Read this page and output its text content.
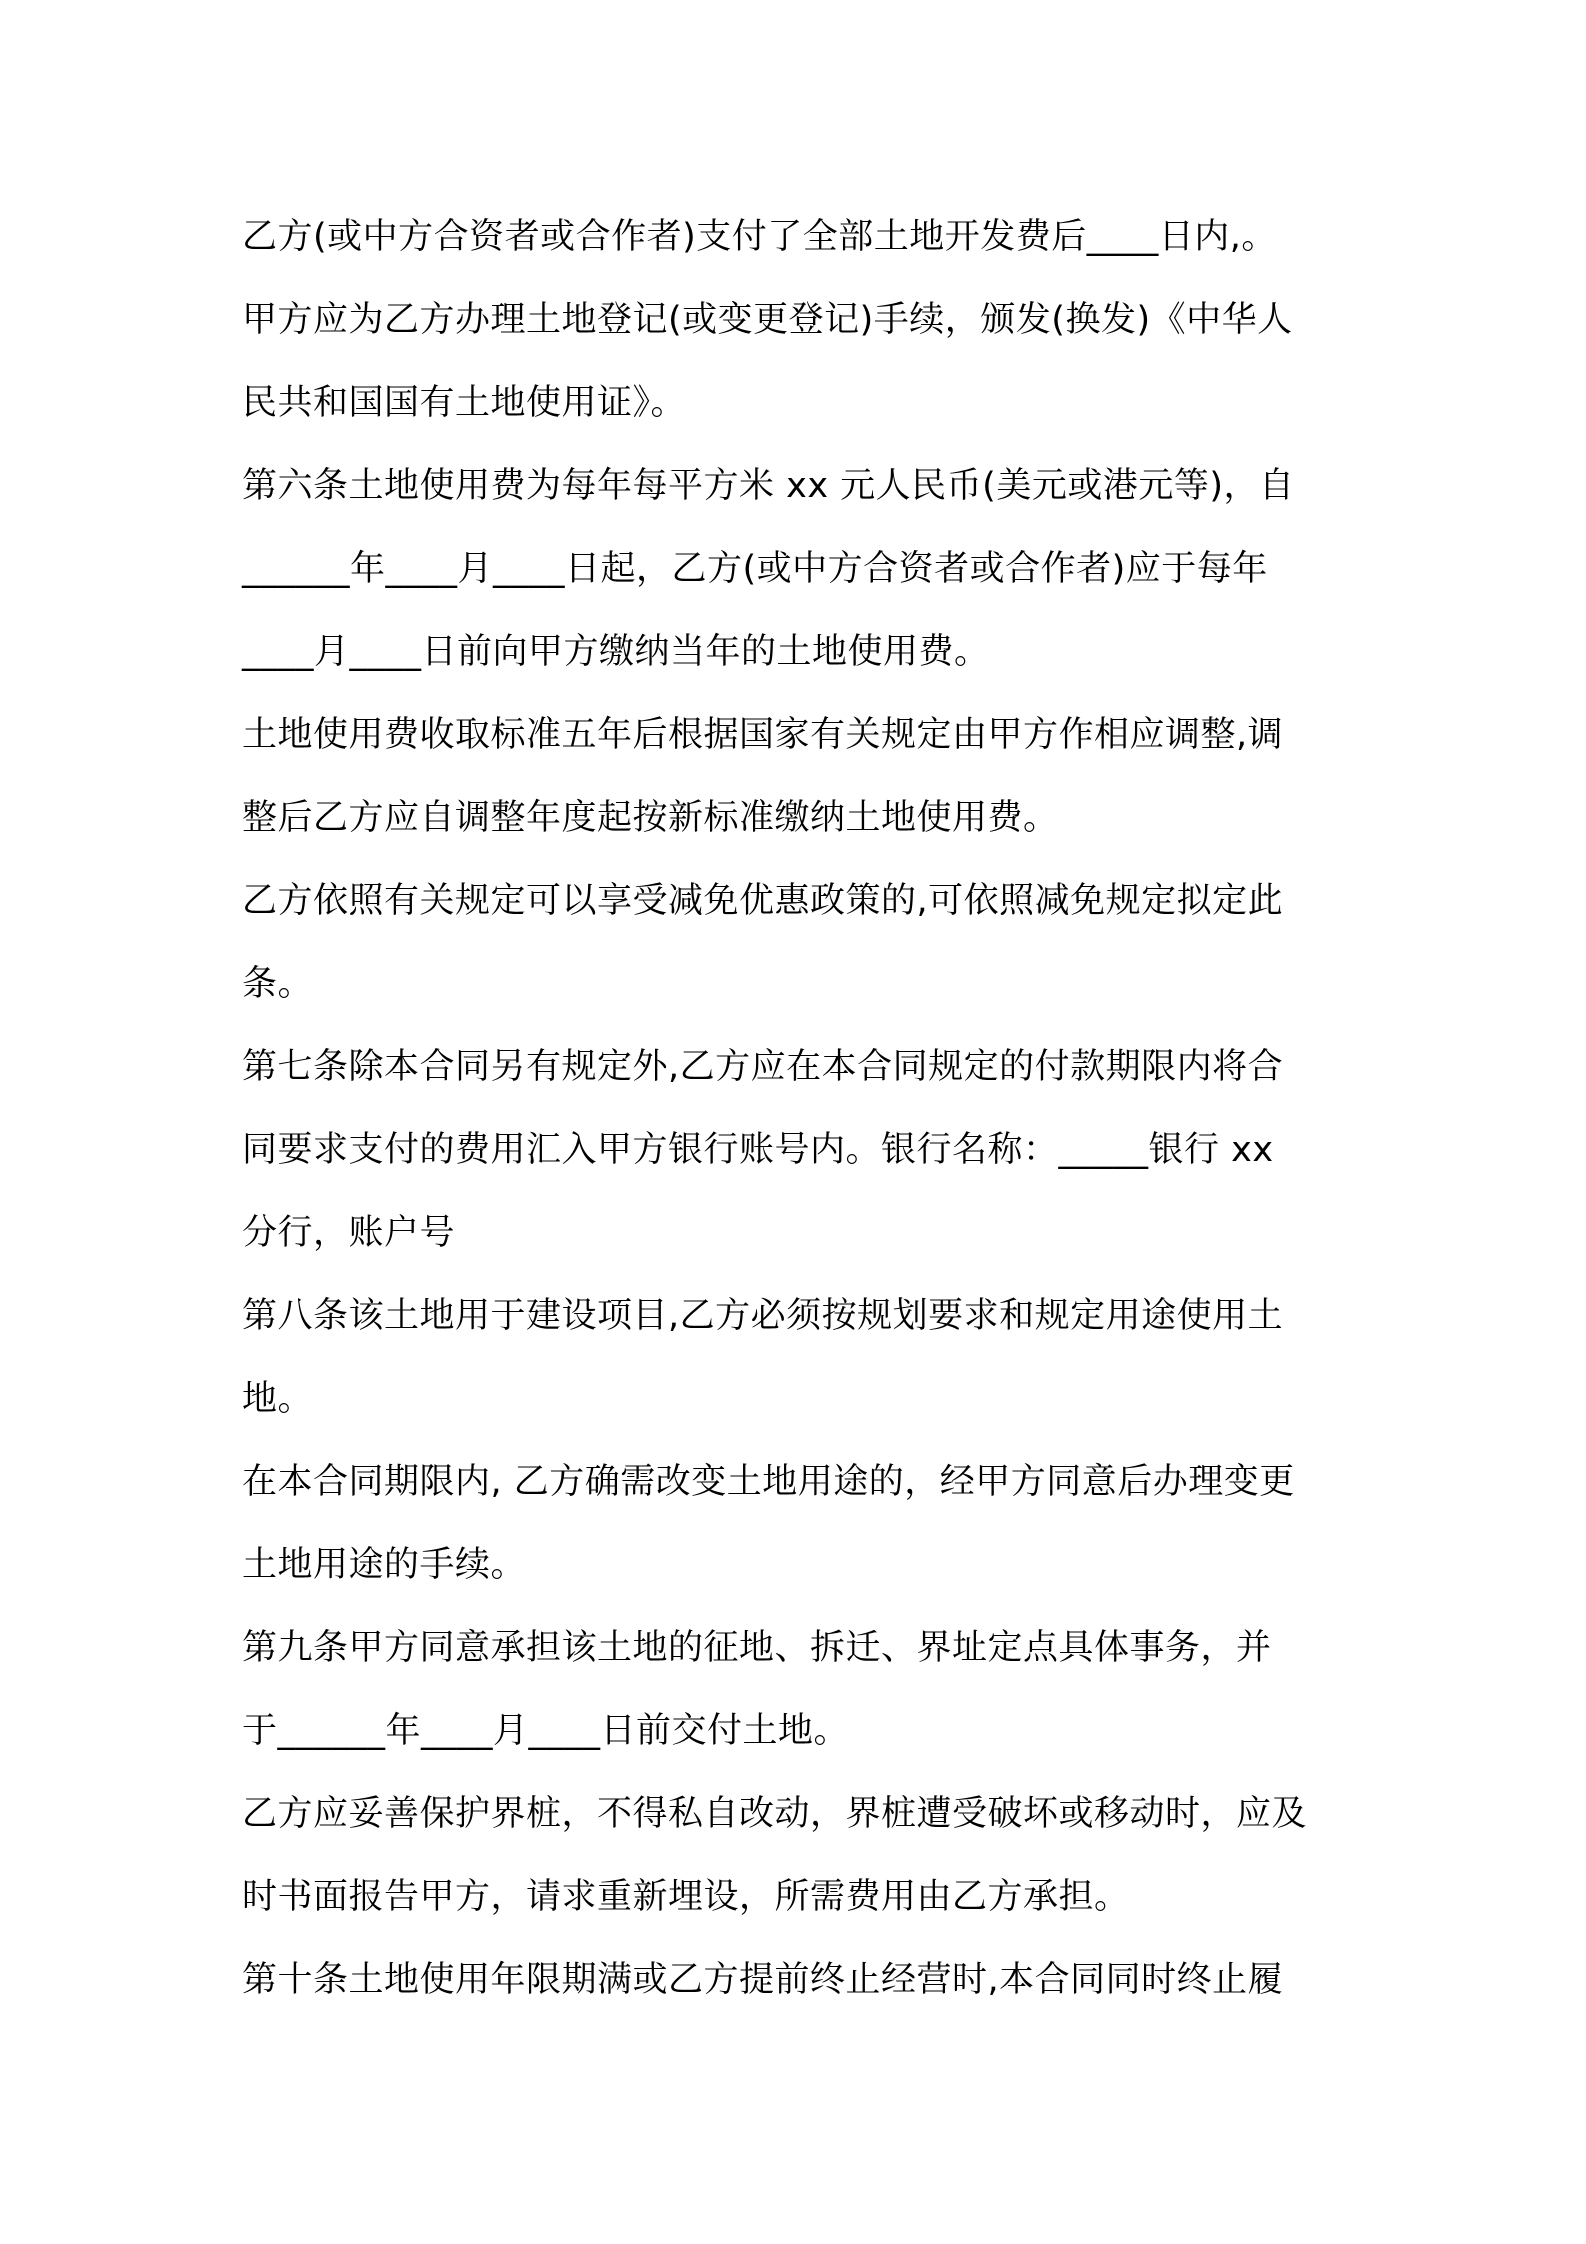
乙方(或中方合资者或合作者)支付了全部土地开发费后____日内,。
甲方应为乙方办理土地登记(或变更登记)手续，颁发(换发)《中华人
民共和国国有土地使用证》。
第六条土地使用费为每年每平方米 xx 元人民币(美元或港元等)，自
______年____月____日起，乙方(或中方合资者或合作者)应于每年
____月____日前向甲方缴纳当年的土地使用费。
土地使用费收取标准五年后根据国家有关规定由甲方作相应调整,调
整后乙方应自调整年度起按新标准缴纳土地使用费。
乙方依照有关规定可以享受减免优惠政策的,可依照减免规定拟定此
条。
第七条除本合同另有规定外,乙方应在本合同规定的付款期限内将合
同要求支付的费用汇入甲方银行账号内。银行名称：_____银行 xx
分行，账户号
第八条该土地用于建设项目,乙方必须按规划要求和规定用途使用土
地。
在本合同期限内, 乙方确需改变土地用途的，经甲方同意后办理变更
土地用途的手续。
第九条甲方同意承担该土地的征地、拆迁、界址定点具体事务，并
于______年____月____日前交付土地。
乙方应妥善保护界桩，不得私自改动，界桩遭受破坏或移动时，应及
时书面报告甲方，请求重新埋设，所需费用由乙方承担。
第十条土地使用年限期满或乙方提前终止经营时,本合同同时终止履
